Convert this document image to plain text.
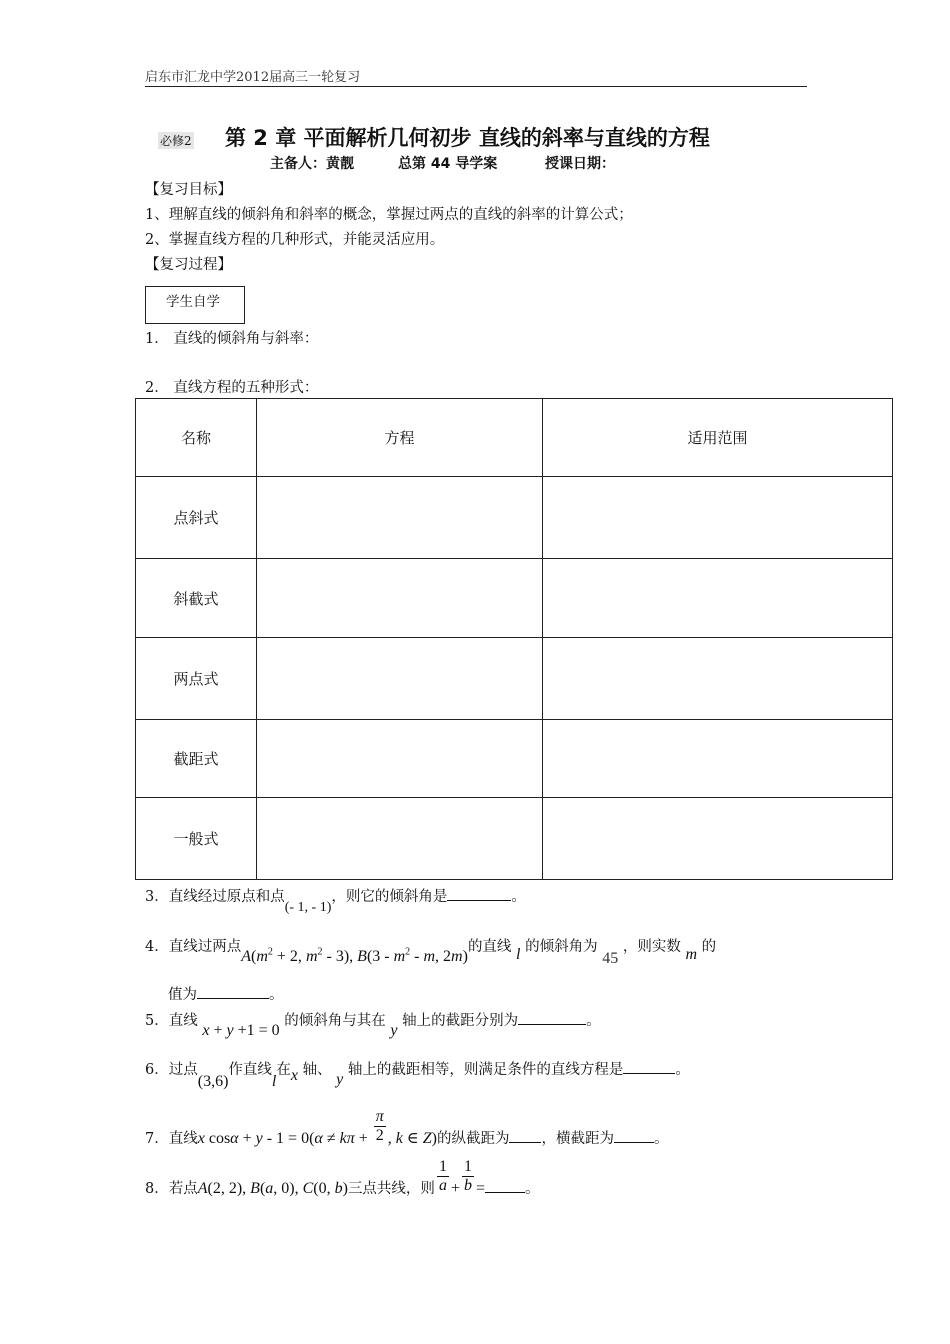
启东市汇龙中学2012届高三一轮复习
必修2 第 2 章 平面解析几何初步 直线的斜率与直线的方程
主备人：黄靓	总第 44 导学案	授课日期：
【复习目标】
1、理解直线的倾斜角和斜率的概念，掌握过两点的直线的斜率的计算公式；
2、掌握直线方程的几种形式，并能灵活应用。
【复习过程】
学生自学
1． 直线的倾斜角与斜率：
2． 直线方程的五种形式：
名称	方程	适用范围
点斜式		
斜截式		
两点式		
截距式		
一般式		
3．直线经过原点和点(- 1, - 1)，则它的倾斜角是	。
4．直线过两点$A(m^2 + 2$, $m^2 - 3$), $B(3 - m^2$ - m, 2m)的直线 l 的倾斜角为 45 ，则实数 m 的
值为	。
5．直线 x + y +1 = 0 的倾斜角与其在 y 轴上的截距分别为	。
6．过点(3,6)作直线l在x 轴、 y 轴上的截距相等，则满足条件的直线方程是	。
7．直线x $\cos\alpha + y - 1 = 0(\alpha \ne k\pi + \frac{\pi}{2}$ , k ∈ Z)的纵截距为 ，横截距为	。
8．若点A(2, 2), B(a, 0), C(0, b)三点共线，则 $\frac{1}{a} + \frac{1}{b}$ =	。
